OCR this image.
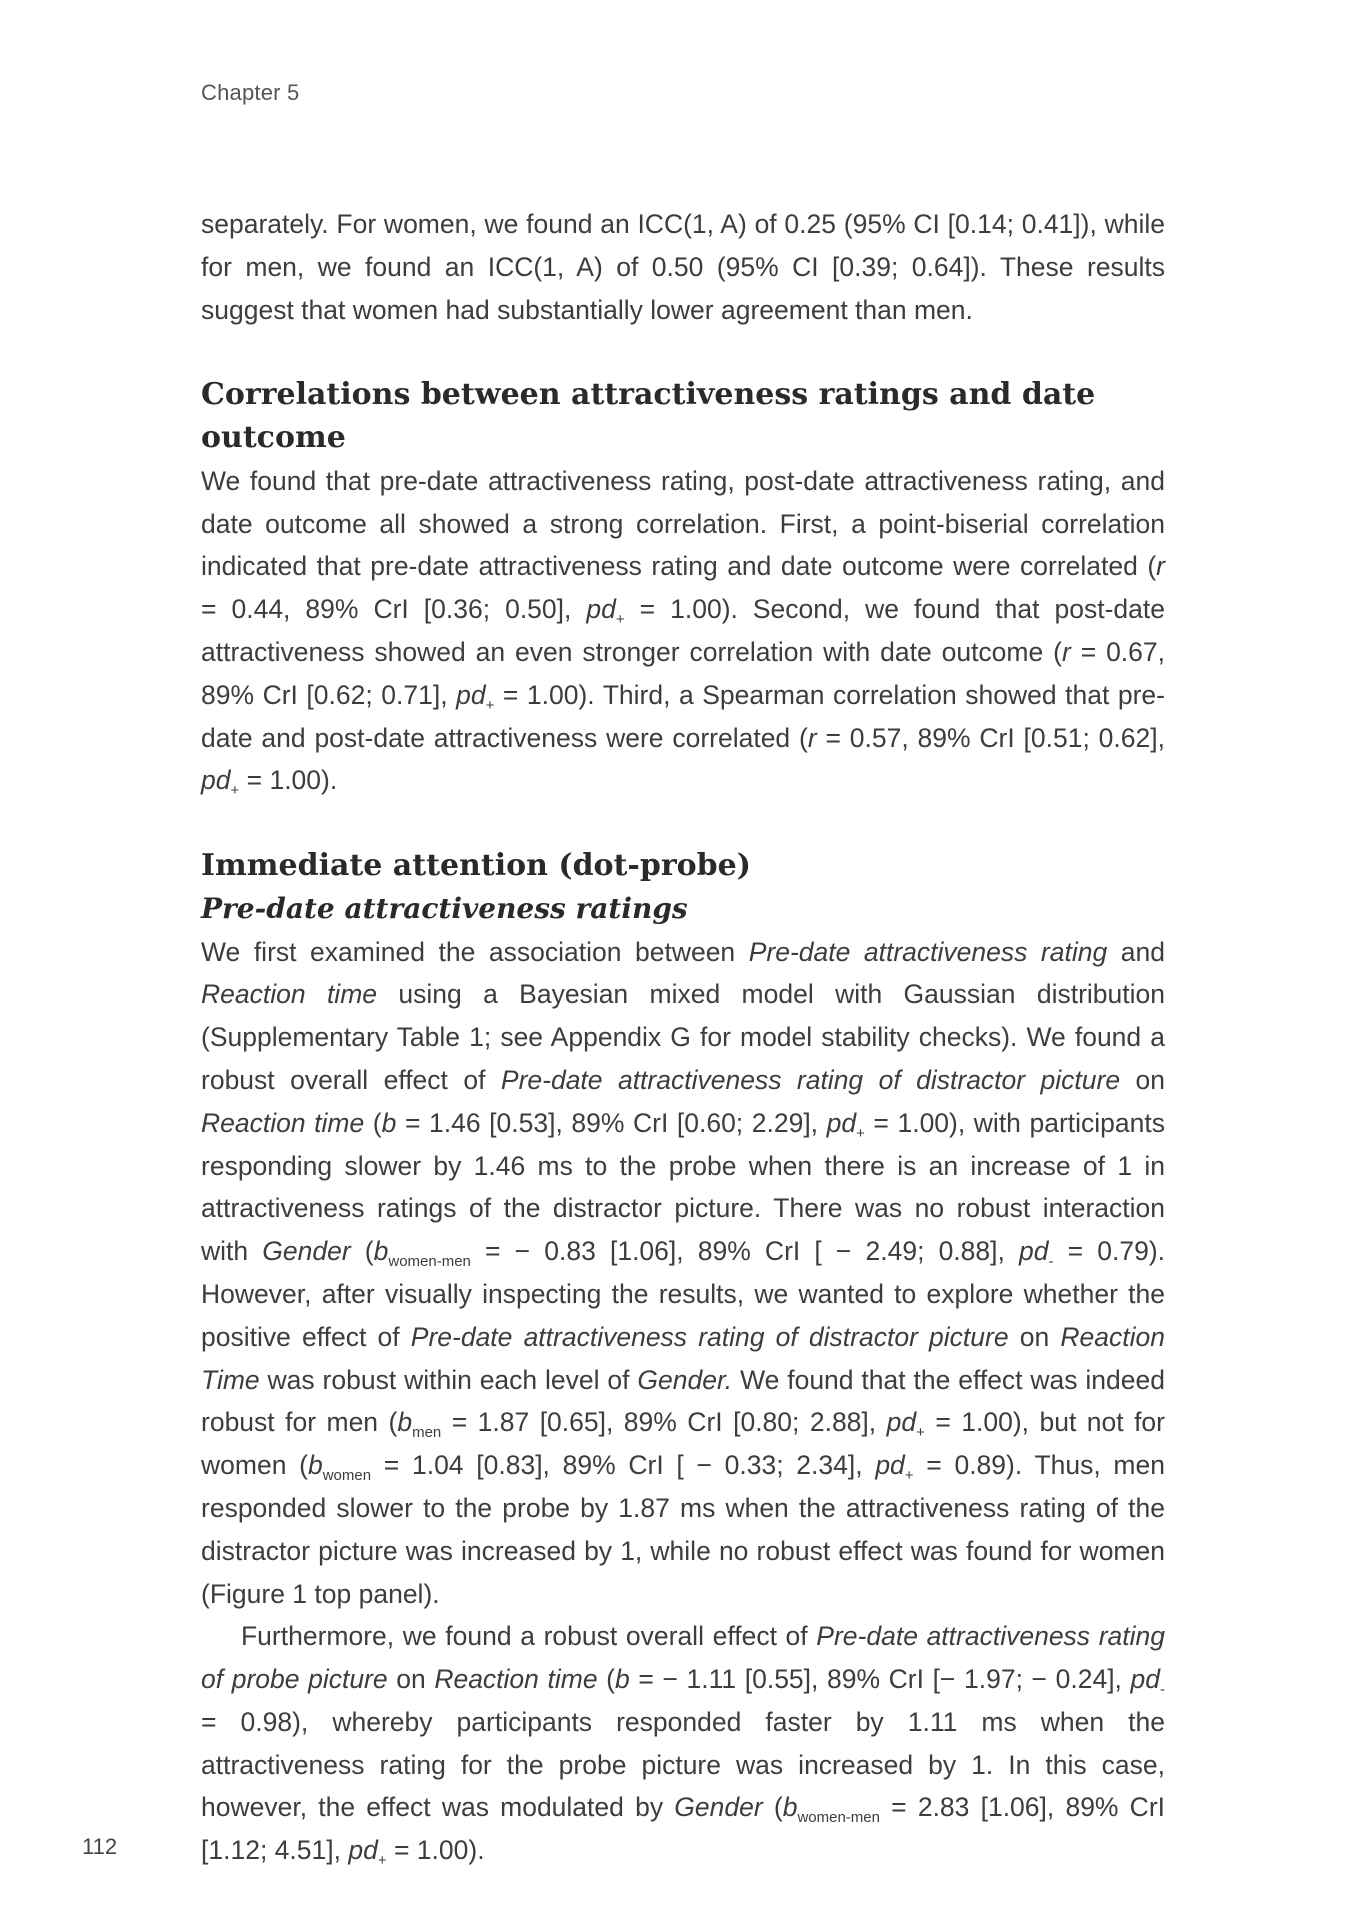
Chapter 5

separately. For women, we found an ICC(1, A) of 0.25 (95% CI [0.14; 0.41]), while for men, we found an ICC(1, A) of 0.50 (95% CI [0.39; 0.64]). These results suggest that women had substantially lower agreement than men.

Correlations between attractiveness ratings and date outcome

We found that pre-date attractiveness rating, post-date attractiveness rating, and date outcome all showed a strong correlation. First, a point-biserial correlation indicated that pre-date attractiveness rating and date outcome were correlated (r = 0.44, 89% CrI [0.36; 0.50], $pd_+ = 1.00$). Second, we found that post-date attractiveness showed an even stronger correlation with date outcome (r = 0.67, 89% CrI [0.62; 0.71], $pd_+ = 1.00$). Third, a Spearman correlation showed that pre-date and post-date attractiveness were correlated (r = 0.57, 89% CrI [0.51; 0.62], $pd_+ = 1.00$).

Immediate attention (dot-probe)
Pre-date attractiveness ratings

We first examined the association between Pre-date attractiveness rating and Reaction time using a Bayesian mixed model with Gaussian distribution (Supplementary Table 1; see Appendix G for model stability checks). We found a robust overall effect of Pre-date attractiveness rating of distractor picture on Reaction time (b = 1.46 [0.53], 89% CrI [0.60; 2.29], $pd_+ = 1.00$), with participants responding slower by 1.46 ms to the probe when there is an increase of 1 in attractiveness ratings of the distractor picture. There was no robust interaction with Gender ($b_{women-men}$ = − 0.83 [1.06], 89% CrI [ − 2.49; 0.88], $pd_- = 0.79$). However, after visually inspecting the results, we wanted to explore whether the positive effect of Pre-date attractiveness rating of distractor picture on Reaction Time was robust within each level of Gender. We found that the effect was indeed robust for men ($b_{men} = 1.87$ [0.65], 89% CrI [0.80; 2.88], $pd_+ = 1.00$), but not for women ($b_{women} = 1.04$ [0.83], 89% CrI [ − 0.33; 2.34], $pd_+ = 0.89$). Thus, men responded slower to the probe by 1.87 ms when the attractiveness rating of the distractor picture was increased by 1, while no robust effect was found for women (Figure 1 top panel).

Furthermore, we found a robust overall effect of Pre-date attractiveness rating of probe picture on Reaction time (b = − 1.11 [0.55], 89% CrI [− 1.97; − 0.24], $pd_- = 0.98$), whereby participants responded faster by 1.11 ms when the attractiveness rating for the probe picture was increased by 1. In this case, however, the effect was modulated by Gender ($b_{women-men} = 2.83$ [1.06], 89% CrI [1.12; 4.51], $pd_+ = 1.00$).

112
